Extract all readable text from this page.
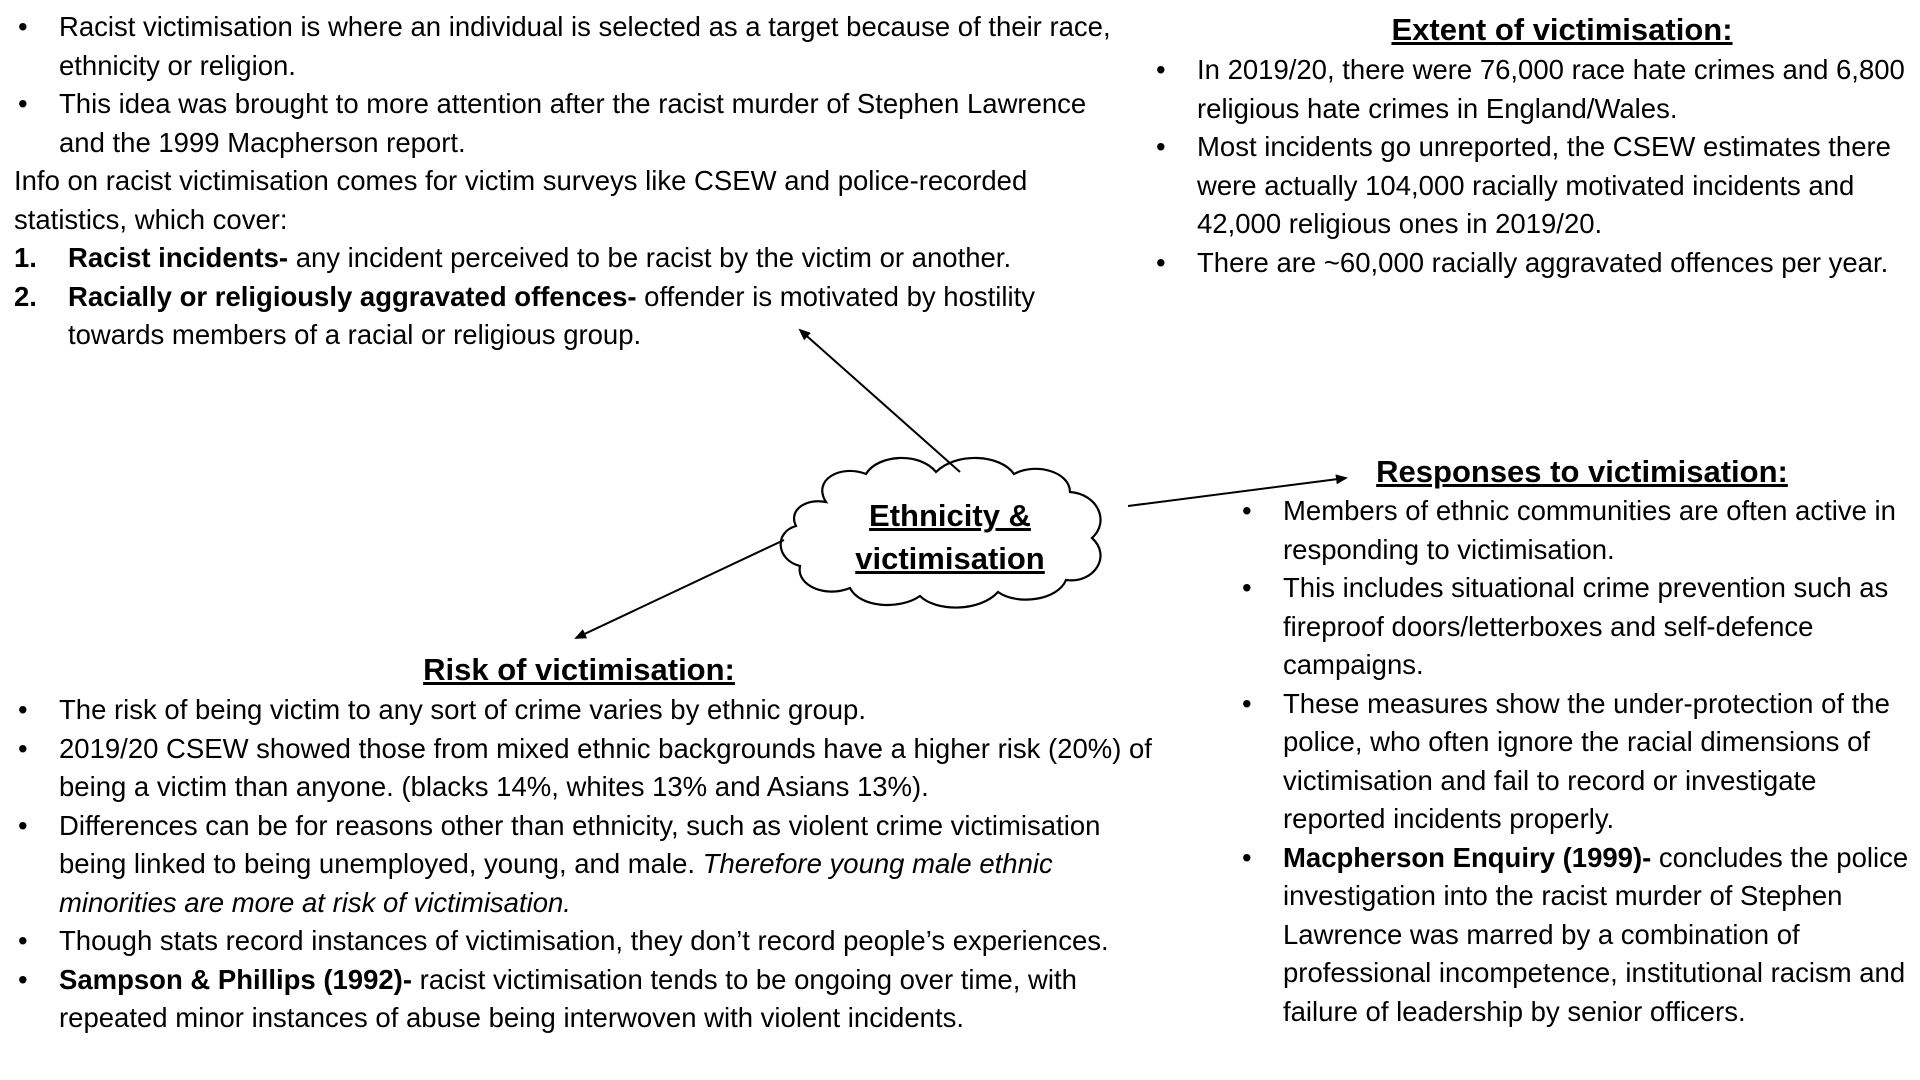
Ethnicity &
victimisation
• Racist victimisation is where an individual is selected as a target because of their race, ethnicity or religion.
• This idea was brought to more attention after the racist murder of Stephen Lawrence and the 1999 Macpherson report.

Info on racist victimisation comes for victim surveys like CSEW and police-recorded statistics, which cover:

1. Racist incidents- any incident perceived to be racist by the victim or another.
2. Racially or religiously aggravated offences- offender is motivated by hostility towards members of a racial or religious group.
Extent of victimisation:
• In 2019/20, there were 76,000 race hate crimes and 6,800 religious hate crimes in England/Wales.
• Most incidents go unreported, the CSEW estimates there were actually 104,000 racially motivated incidents and 42,000 religious ones in 2019/20.
• There are ~60,000 racially aggravated offences per year.
Responses to victimisation:
• Members of ethnic communities are often active in responding to victimisation.
• This includes situational crime prevention such as fireproof doors/letterboxes and self-defence campaigns.
• These measures show the under-protection of the police, who often ignore the racial dimensions of victimisation and fail to record or investigate reported incidents properly.
• Macpherson Enquiry (1999)- concludes the police investigation into the racist murder of Stephen Lawrence was marred by a combination of professional incompetence, institutional racism and failure of leadership by senior officers.
Risk of victimisation:
• The risk of being victim to any sort of crime varies by ethnic group.
• 2019/20 CSEW showed those from mixed ethnic backgrounds have a higher risk (20%) of being a victim than anyone. (blacks 14%, whites 13% and Asians 13%).
• Differences can be for reasons other than ethnicity, such as violent crime victimisation being linked to being unemployed, young, and male. Therefore young male ethnic minorities are more at risk of victimisation.
• Though stats record instances of victimisation, they don’t record people’s experiences.
• Sampson & Phillips (1992)- racist victimisation tends to be ongoing over time, with repeated minor instances of abuse being interwoven with violent incidents.
